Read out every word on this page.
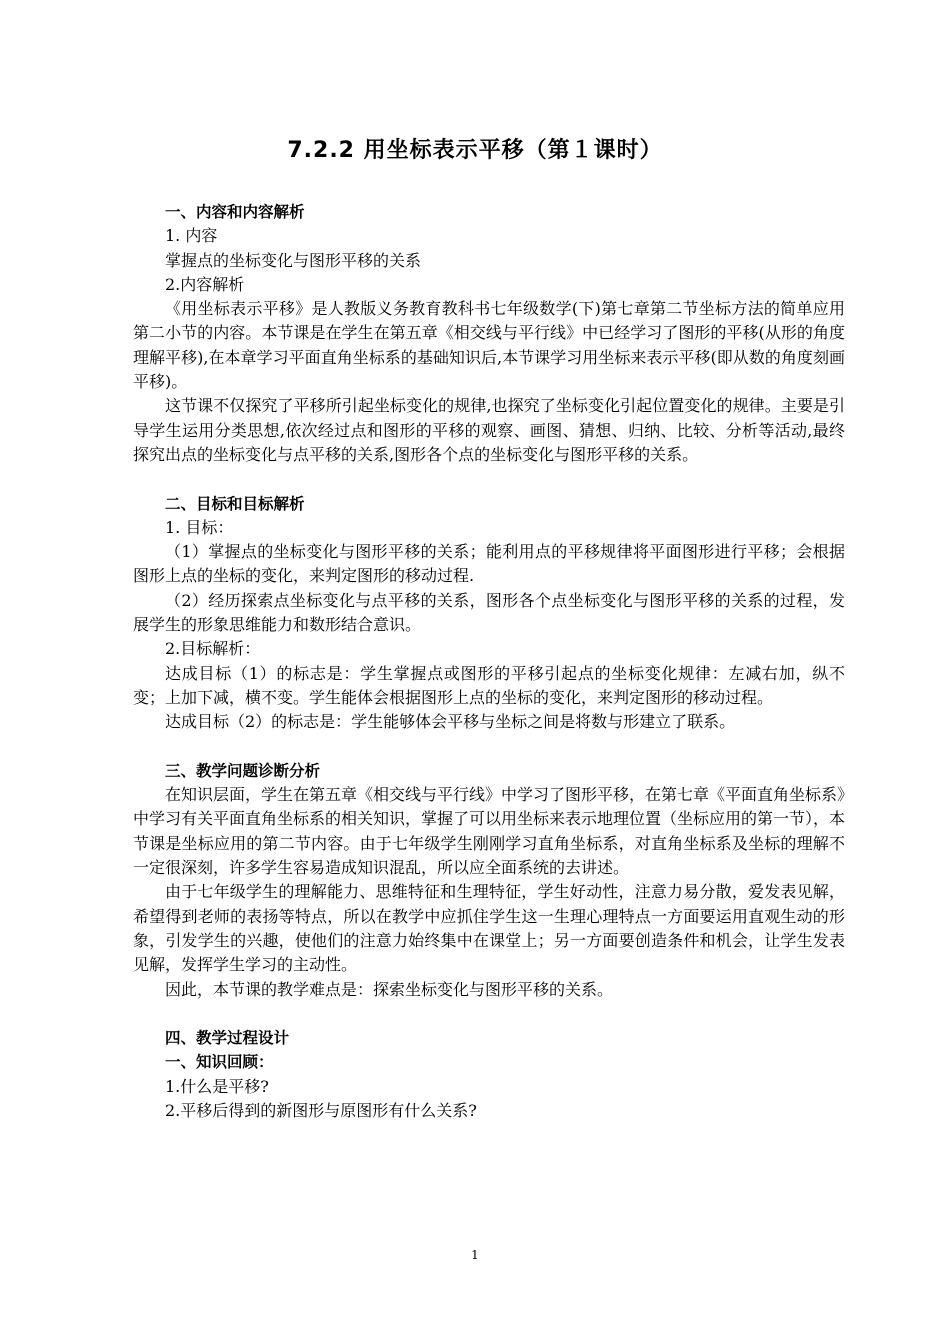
7.2.2 用坐标表示平移（第１课时）
一、内容和内容解析
1. 内容
掌握点的坐标变化与图形平移的关系
2.内容解析
《用坐标表示平移》是人教版义务教育教科书七年级数学(下)第七章第二节坐标方法的简单应用第二小节的内容。本节课是在学生在第五章《相交线与平行线》中已经学习了图形的平移(从形的角度理解平移),在本章学习平面直角坐标系的基础知识后,本节课学习用坐标来表示平移(即从数的角度刻画平移)。
这节课不仅探究了平移所引起坐标变化的规律,也探究了坐标变化引起位置变化的规律。主要是引导学生运用分类思想,依次经过点和图形的平移的观察、画图、猜想、归纳、比较、分析等活动,最终探究出点的坐标变化与点平移的关系,图形各个点的坐标变化与图形平移的关系。
二、目标和目标解析
1. 目标：
（1）掌握点的坐标变化与图形平移的关系；能利用点的平移规律将平面图形进行平移；会根据图形上点的坐标的变化，来判定图形的移动过程.
（2）经历探索点坐标变化与点平移的关系，图形各个点坐标变化与图形平移的关系的过程，发展学生的形象思维能力和数形结合意识。
2.目标解析：
达成目标（1）的标志是：学生掌握点或图形的平移引起点的坐标变化规律：左减右加，纵不变；上加下减，横不变。学生能体会根据图形上点的坐标的变化，来判定图形的移动过程。
达成目标（2）的标志是：学生能够体会平移与坐标之间是将数与形建立了联系。
三、教学问题诊断分析
在知识层面，学生在第五章《相交线与平行线》中学习了图形平移，在第七章《平面直角坐标系》中学习有关平面直角坐标系的相关知识，掌握了可以用坐标来表示地理位置（坐标应用的第一节），本节课是坐标应用的第二节内容。由于七年级学生刚刚学习直角坐标系，对直角坐标系及坐标的理解不一定很深刻，许多学生容易造成知识混乱，所以应全面系统的去讲述。
由于七年级学生的理解能力、思维特征和生理特征，学生好动性，注意力易分散，爱发表见解，希望得到老师的表扬等特点，所以在教学中应抓住学生这一生理心理特点一方面要运用直观生动的形象，引发学生的兴趣，使他们的注意力始终集中在课堂上；另一方面要创造条件和机会，让学生发表见解，发挥学生学习的主动性。
因此，本节课的教学难点是：探索坐标变化与图形平移的关系。
四、教学过程设计
一、知识回顾：
1.什么是平移?
2.平移后得到的新图形与原图形有什么关系?
1
